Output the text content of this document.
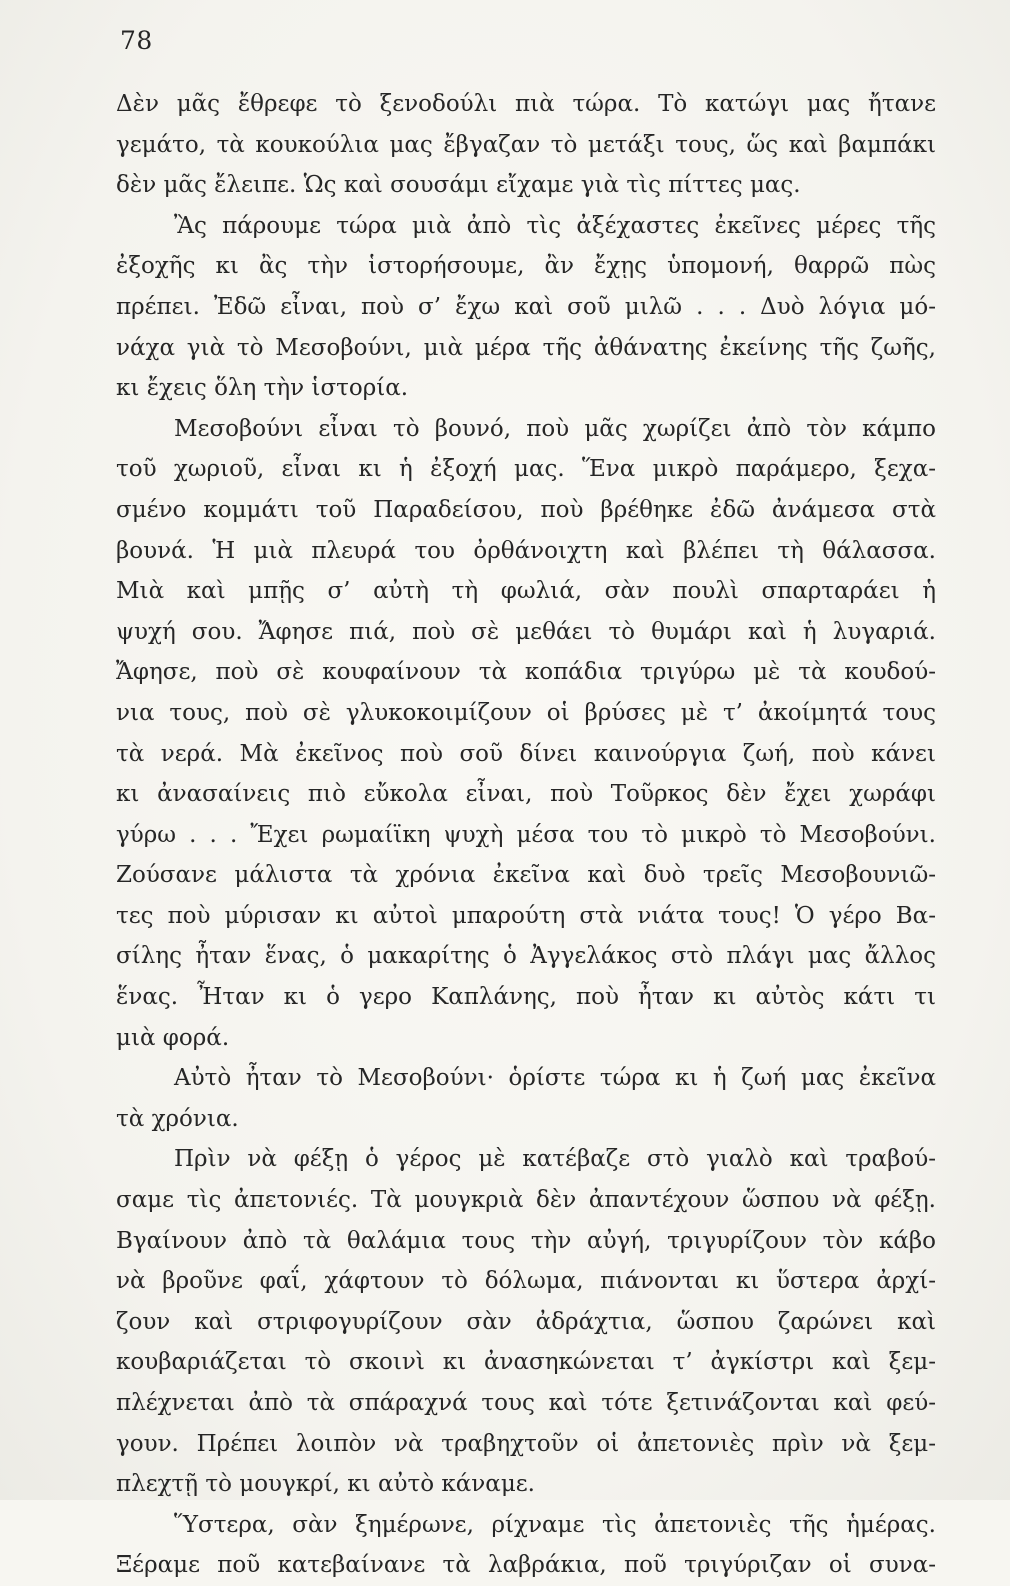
78
Δὲν μᾶς ἔθρεφε τὸ ξενοδούλι πιὰ τώρα. Τὸ κατώγι μας ἤτανε
γεμάτο, τὰ κουκούλια μας ἔβγαζαν τὸ μετάξι τους, ὥς καὶ βαμπάκι
δὲν μᾶς ἔλειπε. Ὡς καὶ σουσάμι εἴχαμε γιὰ τὶς πίττες μας.
Ἂς πάρουμε τώρα μιὰ ἀπὸ τὶς ἀξέχαστες ἐκεῖνες μέρες τῆς
ἐξοχῆς κι ἂς τὴν ἱστορήσουμε, ἂν ἔχῃς ὑπομονή, θαρρῶ πὼς
πρέπει. Ἐδῶ εἶναι, ποὺ σ’ ἔχω καὶ σοῦ μιλῶ . . . Δυὸ λόγια μό-
νάχα γιὰ τὸ Μεσοβούνι, μιὰ μέρα τῆς ἀθάνατης ἐκείνης τῆς ζωῆς,
κι ἔχεις ὅλη τὴν ἱστορία.
Μεσοβούνι εἶναι τὸ βουνό, ποὺ μᾶς χωρίζει ἀπὸ τὸν κάμπο
τοῦ χωριοῦ, εἶναι κι ἡ ἐξοχή μας. Ἕνα μικρὸ παράμερο, ξεχα-
σμένο κομμάτι τοῦ Παραδείσου, ποὺ βρέθηκε ἐδῶ ἀνάμεσα στὰ
βουνά. Ἡ μιὰ πλευρά του ὀρθάνοιχτη καὶ βλέπει τὴ θάλασσα.
Μιὰ καὶ μπῇς σ’ αὐτὴ τὴ φωλιά, σὰν πουλὶ σπαρταράει ἡ
ψυχή σου. Ἄφησε πιά, ποὺ σὲ μεθάει τὸ θυμάρι καὶ ἡ λυγαριά.
Ἄφησε, ποὺ σὲ κουφαίνουν τὰ κοπάδια τριγύρω μὲ τὰ κουδού-
νια τους, ποὺ σὲ γλυκοκοιμίζουν οἱ βρύσες μὲ τ’ ἀκοίμητά τους
τὰ νερά. Μὰ ἐκεῖνος ποὺ σοῦ δίνει καινούργια ζωή, ποὺ κάνει
κι ἀνασαίνεις πιὸ εὔκολα εἶναι, ποὺ Τοῦρκος δὲν ἔχει χωράφι
γύρω . . . Ἔχει ρωμαίϊκη ψυχὴ μέσα του τὸ μικρὸ τὸ Μεσοβούνι.
Ζούσανε μάλιστα τὰ χρόνια ἐκεῖνα καὶ δυὸ τρεῖς Μεσοβουνιῶ-
τες ποὺ μύρισαν κι αὐτοὶ μπαρούτη στὰ νιάτα τους! Ὁ γέρο Βα-
σίλης ἦταν ἕνας, ὁ μακαρίτης ὁ Ἀγγελάκος στὸ πλάγι μας ἄλλος
ἕνας. Ἦταν κι ὁ γερο Καπλάνης, ποὺ ἦταν κι αὐτὸς κάτι τι
μιὰ φορά.
Αὐτὸ ἦταν τὸ Μεσοβούνι· ὁρίστε τώρα κι ἡ ζωή μας ἐκεῖνα
τὰ χρόνια.
Πρὶν νὰ φέξῃ ὁ γέρος μὲ κατέβαζε στὸ γιαλὸ καὶ τραβού-
σαμε τὶς ἀπετονιές. Τὰ μουγκριὰ δὲν ἀπαντέχουν ὥσπου νὰ φέξῃ.
Βγαίνουν ἀπὸ τὰ θαλάμια τους τὴν αὐγή, τριγυρίζουν τὸν κάβο
νὰ βροῦνε φαΐ, χάφτουν τὸ δόλωμα, πιάνονται κι ὕστερα ἀρχί-
ζουν καὶ στριφογυρίζουν σὰν ἀδράχτια, ὥσπου ζαρώνει καὶ
κουβαριάζεται τὸ σκοινὶ κι ἀνασηκώνεται τ’ ἀγκίστρι καὶ ξεμ-
πλέχνεται ἀπὸ τὰ σπάραχνά τους καὶ τότε ξετινάζονται καὶ φεύ-
γουν. Πρέπει λοιπὸν νὰ τραβηχτοῦν οἱ ἀπετονιὲς πρὶν νὰ ξεμ-
πλεχτῇ τὸ μουγκρί, κι αὐτὸ κάναμε.
Ὕστερα, σὰν ξημέρωνε, ρίχναμε τὶς ἀπετονιὲς τῆς ἡμέρας.
Ξέραμε ποῦ κατεβαίνανε τὰ λαβράκια, ποῦ τριγύριζαν οἱ συνα-
